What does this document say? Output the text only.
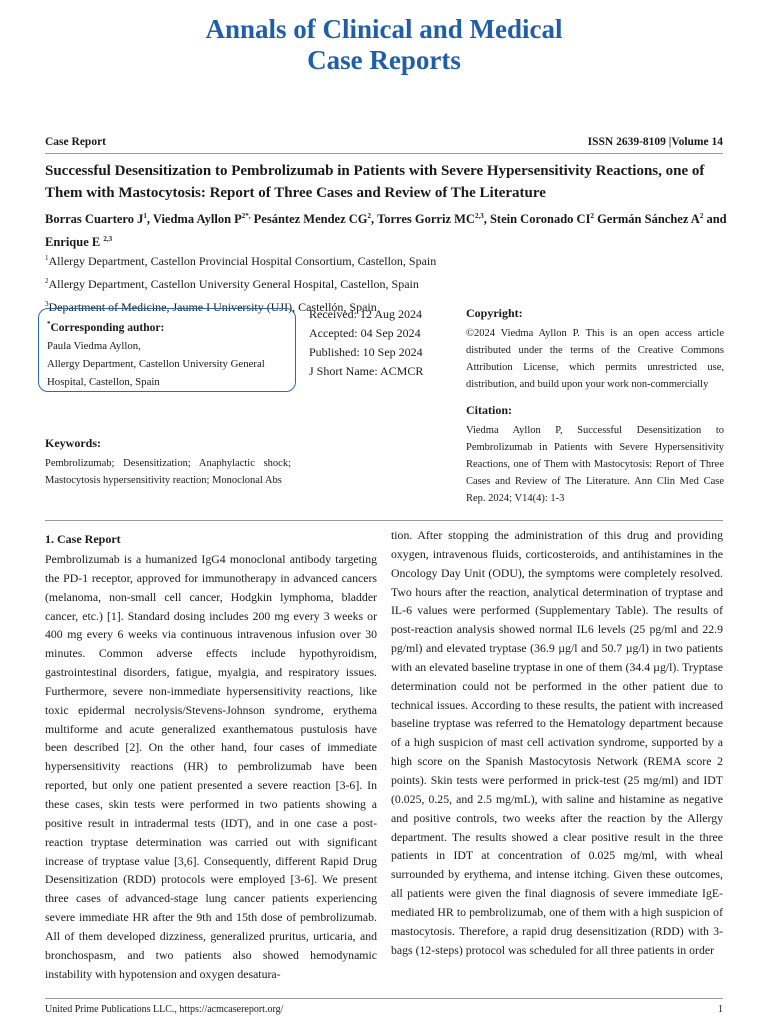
Annals of Clinical and Medical
Case Reports
Case Report	ISSN 2639-8109 |Volume 14
Successful Desensitization to Pembrolizumab in Patients with Severe Hypersensitivity Reactions, one of Them with Mastocytosis: Report of Three Cases and Review of The Literature
Borras Cuartero $J^1$, Viedma Ayllon $P^{2*,}$ Pesántez Mendez $CG^2$, Torres Gorriz MC$^{2,3}$, Stein Coronado $CI^2$ Germán Sánchez $A^2$ and
Enrique E $^{2,3}$
$^1$Allergy Department, Castellon Provincial Hospital Consortium, Castellon, Spain
$^2$Allergy Department, Castellon University General Hospital, Castellon, Spain
$^3$Department of Medicine, Jaume I University (UJI), Castellón, Spain
*Corresponding author:
Paula Viedma Ayllon,
Allergy Department, Castellon University General Hospital, Castellon, Spain
Received: 12 Aug 2024
Accepted: 04 Sep 2024
Published: 10 Sep 2024
J Short Name: ACMCR
Copyright:
©2024 Viedma Ayllon P. This is an open access article distributed under the terms of the Creative Commons Attribution License, which permits unrestricted use, distribution, and build upon your work non-commercially
Citation:
Viedma Ayllon P, Successful Desensitization to Pembrolizumab in Patients with Severe Hypersensitivity Reactions, one of Them with Mastocytosis: Report of Three Cases and Review of The Literature. Ann Clin Med Case Rep. 2024; V14(4): 1-3
Keywords:
Pembrolizumab; Desensitization; Anaphylactic shock; Mastocytosis hypersensitivity reaction; Monoclonal Abs
1. Case Report

Pembrolizumab is a humanized IgG4 monoclonal antibody targeting the PD-1 receptor, approved for immunotherapy in advanced cancers (melanoma, non-small cell cancer, Hodgkin lymphoma, bladder cancer, etc.) [1]. Standard dosing includes 200 mg every 3 weeks or 400 mg every 6 weeks via continuous intravenous infusion over 30 minutes. Common adverse effects include hypothyroidism, gastrointestinal disorders, fatigue, myalgia, and respiratory issues. Furthermore, severe non-immediate hypersensitivity reactions, like toxic epidermal necrolysis/Stevens-Johnson syndrome, erythema multiforme and acute generalized exanthematous pustulosis have been described [2]. On the other hand, four cases of immediate hypersensitivity reactions (HR) to pembrolizumab have been reported, but only one patient presented a severe reaction [3-6]. In these cases, skin tests were performed in two patients showing a positive result in intradermal tests (IDT), and in one case a post-reaction tryptase determination was carried out with significant increase of tryptase value [3,6]. Consequently, different Rapid Drug Desensitization (RDD) protocols were employed [3-6]. We present three cases of advanced-stage lung cancer patients experiencing severe immediate HR after the 9th and 15th dose of pembrolizumab. All of them developed dizziness, generalized pruritus, urticaria, and bronchospasm, and two patients also showed hemodynamic instability with hypotension and oxygen desatura-

tion. After stopping the administration of this drug and providing oxygen, intravenous fluids, corticosteroids, and antihistamines in the Oncology Day Unit (ODU), the symptoms were completely resolved. Two hours after the reaction, analytical determination of tryptase and IL-6 values were performed (Supplementary Table). The results of post-reaction analysis showed normal IL6 levels (25 pg/ml and 22.9 pg/ml) and elevated tryptase (36.9 µg/l and 50.7 µg/l) in two patients with an elevated baseline tryptase in one of them (34.4 µg/l). Tryptase determination could not be performed in the other patient due to technical issues. According to these results, the patient with increased baseline tryptase was referred to the Hematology department because of a high suspicion of mast cell activation syndrome, supported by a high score on the Spanish Mastocytosis Network (REMA score 2 points). Skin tests were performed in prick-test (25 mg/ml) and IDT (0.025, 0.25, and 2.5 mg/mL), with saline and histamine as negative and positive controls, two weeks after the reaction by the Allergy department. The results showed a clear positive result in the three patients in IDT at concentration of 0.025 mg/ml, with wheal surrounded by erythema, and intense itching. Given these outcomes, all patients were given the final diagnosis of severe immediate IgE-mediated HR to pembrolizumab, one of them with a high suspicion of mastocytosis. Therefore, a rapid drug desensitization (RDD) with 3-bags (12-steps) protocol was scheduled for all three patients in order

United Prime Publications LLC., https://acmcasereport.org/	1
